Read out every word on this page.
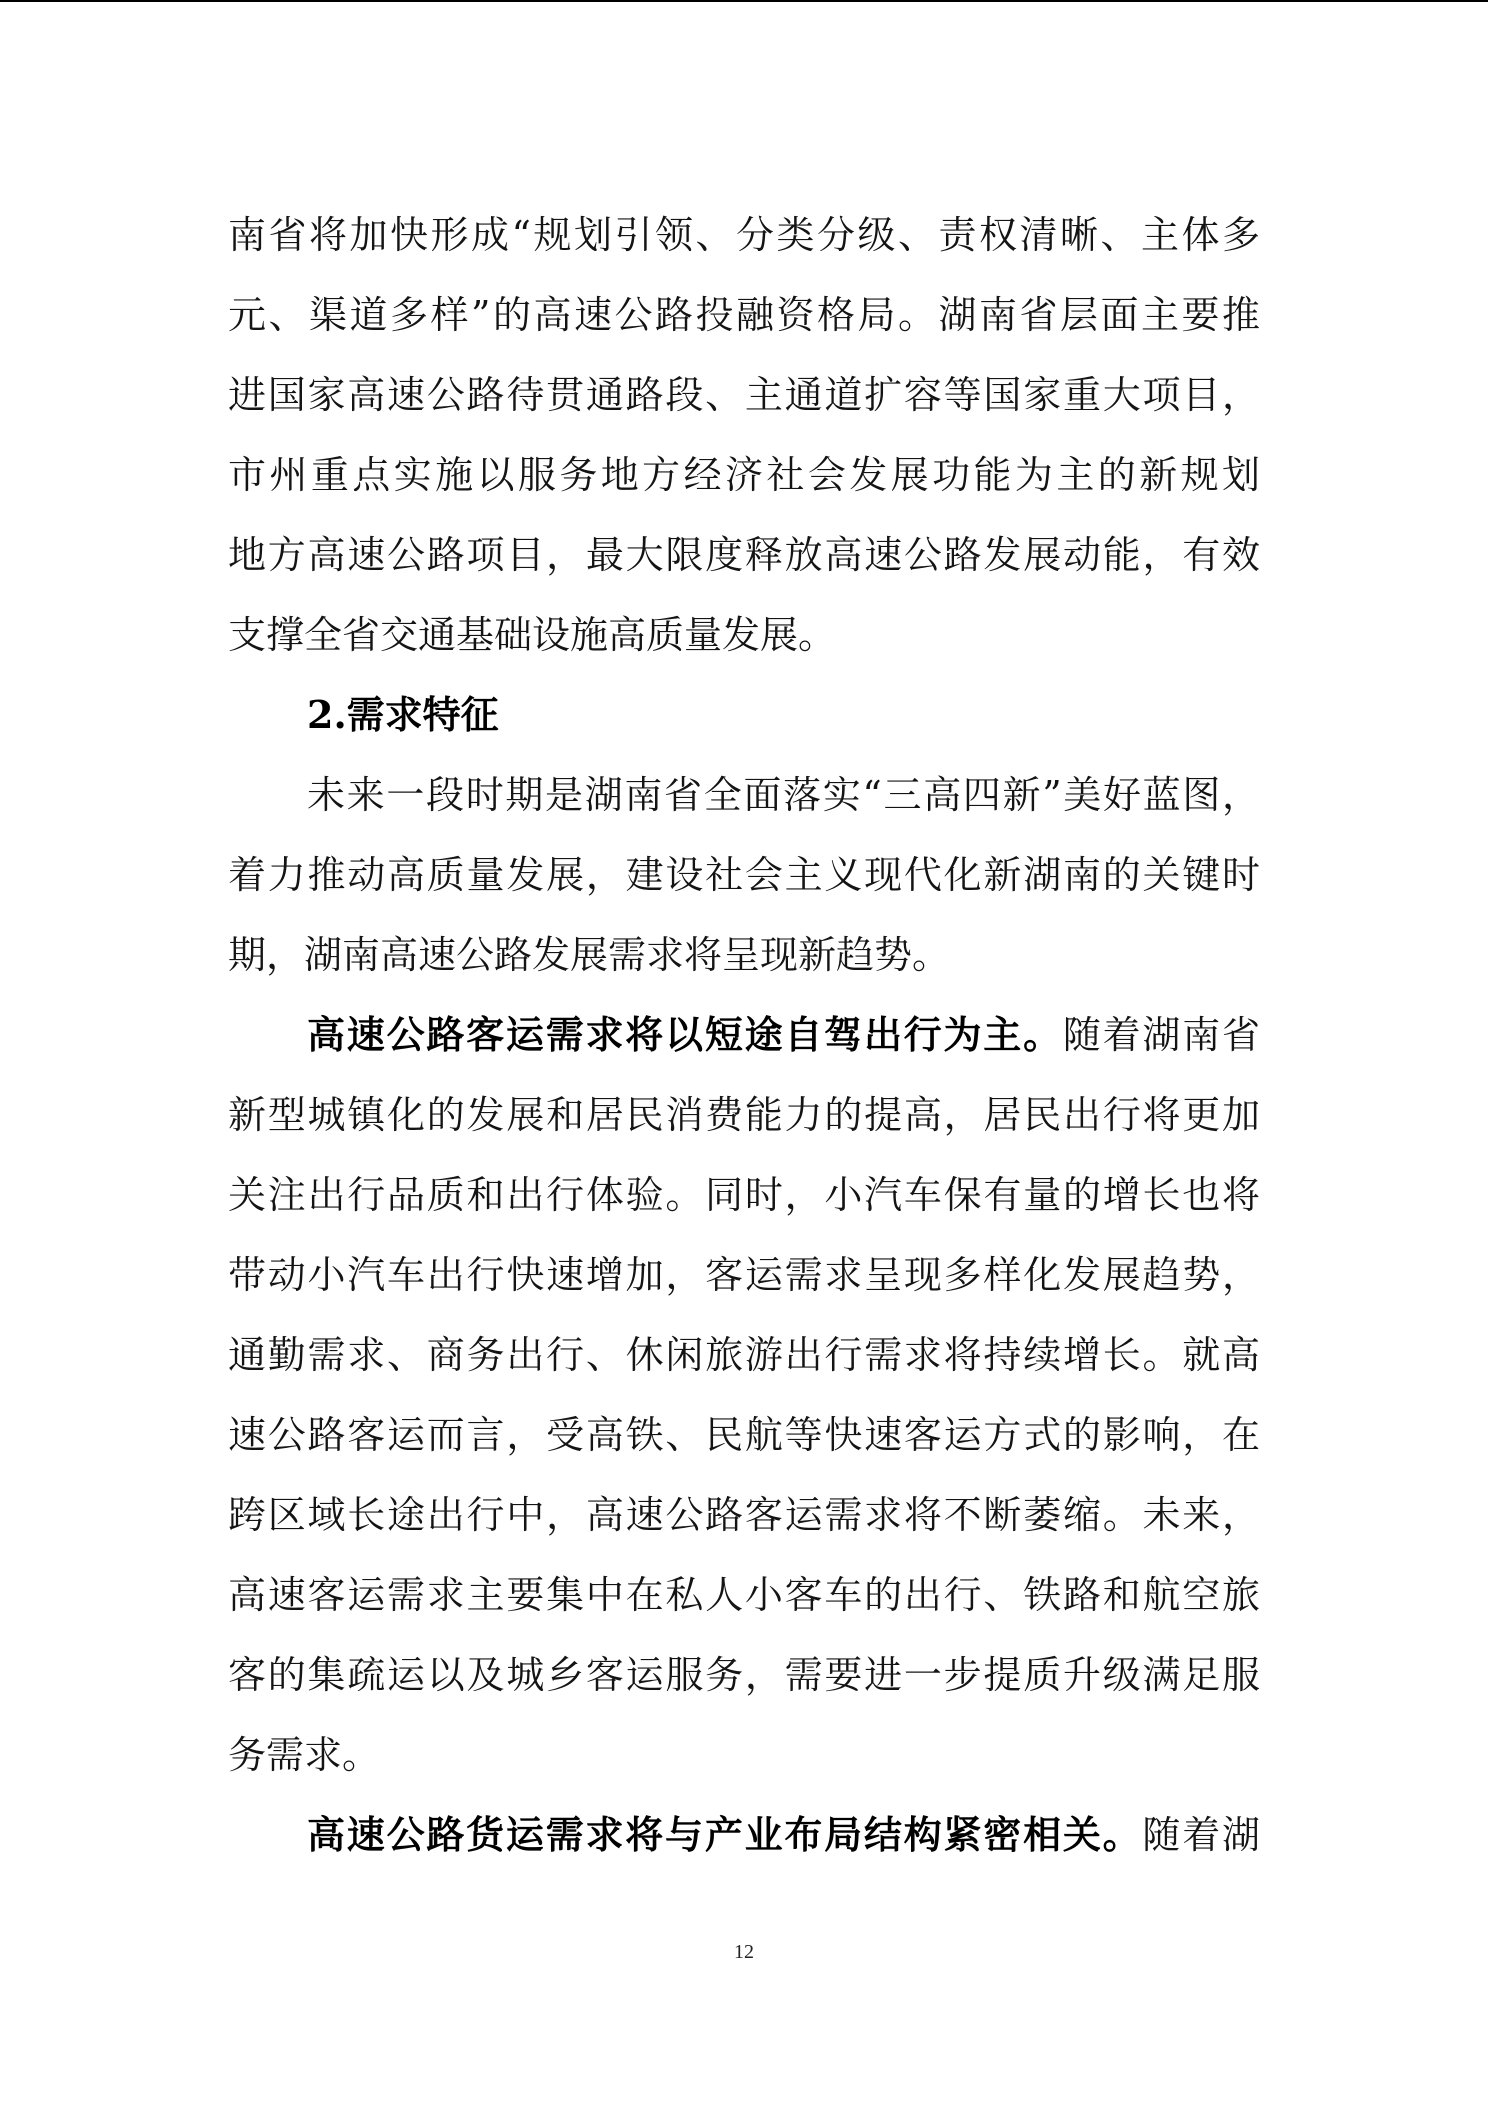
南省将加快形成“规划引领、分类分级、责权清晰、主体多
元、渠道多样”的高速公路投融资格局。湖南省层面主要推
进国家高速公路待贯通路段、主通道扩容等国家重大项目，
市州重点实施以服务地方经济社会发展功能为主的新规划
地方高速公路项目，最大限度释放高速公路发展动能，有效
支撑全省交通基础设施高质量发展。
2.需求特征
未来一段时期是湖南省全面落实“三高四新”美好蓝图，
着力推动高质量发展，建设社会主义现代化新湖南的关键时
期，湖南高速公路发展需求将呈现新趋势。
高速公路客运需求将以短途自驾出行为主。随着湖南省
新型城镇化的发展和居民消费能力的提高，居民出行将更加
关注出行品质和出行体验。同时，小汽车保有量的增长也将
带动小汽车出行快速增加，客运需求呈现多样化发展趋势，
通勤需求、商务出行、休闲旅游出行需求将持续增长。就高
速公路客运而言，受高铁、民航等快速客运方式的影响，在
跨区域长途出行中，高速公路客运需求将不断萎缩。未来，
高速客运需求主要集中在私人小客车的出行、铁路和航空旅
客的集疏运以及城乡客运服务，需要进一步提质升级满足服
务需求。
高速公路货运需求将与产业布局结构紧密相关。随着湖
12
